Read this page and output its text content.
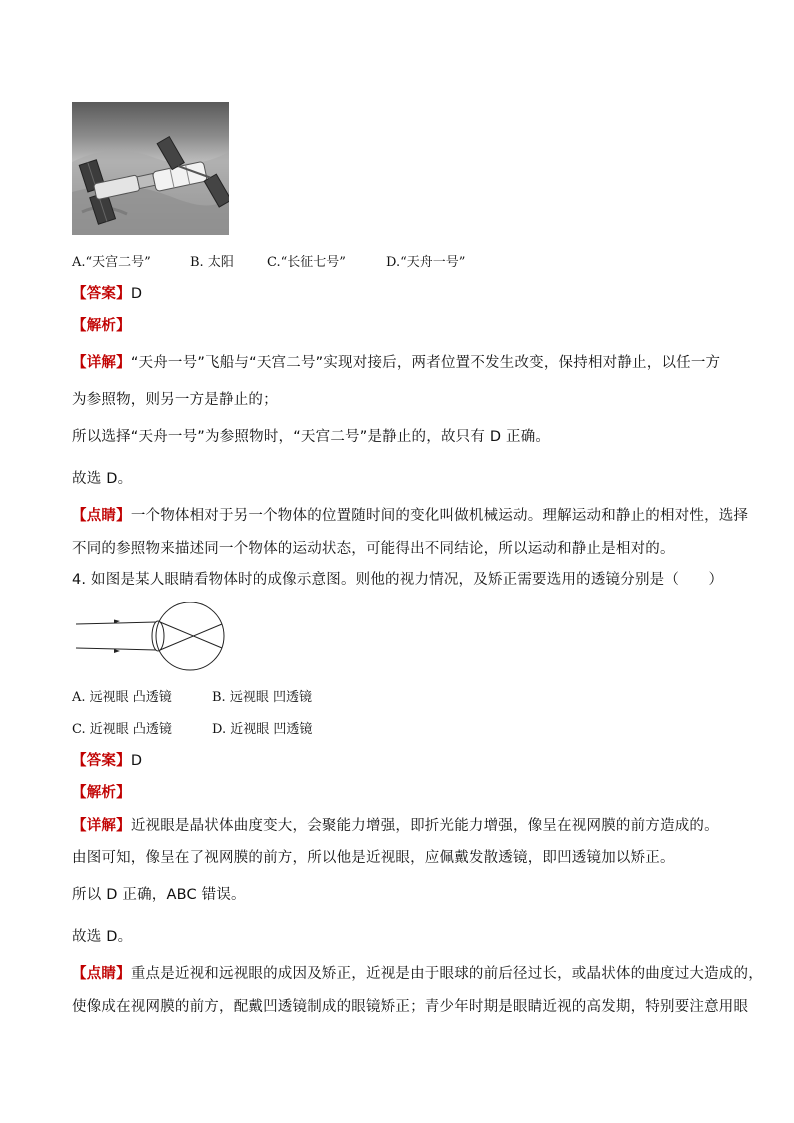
A.“天宫二号”	B. 太阳	C.“长征七号”	D.“天舟一号”
【答案】D
【解析】
【详解】“天舟一号”飞船与“天宫二号”实现对接后，两者位置不发生改变，保持相对静止，以任一方
为参照物，则另一方是静止的；
所以选择“天舟一号”为参照物时，“天宫二号”是静止的，故只有 D 正确。
故选 D。
【点睛】一个物体相对于另一个物体的位置随时间的变化叫做机械运动。理解运动和静止的相对性，选择
不同的参照物来描述同一个物体的运动状态，可能得出不同结论，所以运动和静止是相对的。
4. 如图是某人眼睛看物体时的成像示意图。则他的视力情况，及矫正需要选用的透镜分别是（　　）
A. 远视眼 凸透镜	B. 远视眼 凹透镜
C. 近视眼 凸透镜	D. 近视眼 凹透镜
【答案】D
【解析】
【详解】近视眼是晶状体曲度变大，会聚能力增强，即折光能力增强，像呈在视网膜的前方造成的。
由图可知，像呈在了视网膜的前方，所以他是近视眼，应佩戴发散透镜，即凹透镜加以矫正。
所以 D 正确，ABC 错误。
故选 D。
【点睛】重点是近视和远视眼的成因及矫正，近视是由于眼球的前后径过长，或晶状体的曲度过大造成的，
使像成在视网膜的前方，配戴凹透镜制成的眼镜矫正；青少年时期是眼睛近视的高发期，特别要注意用眼
